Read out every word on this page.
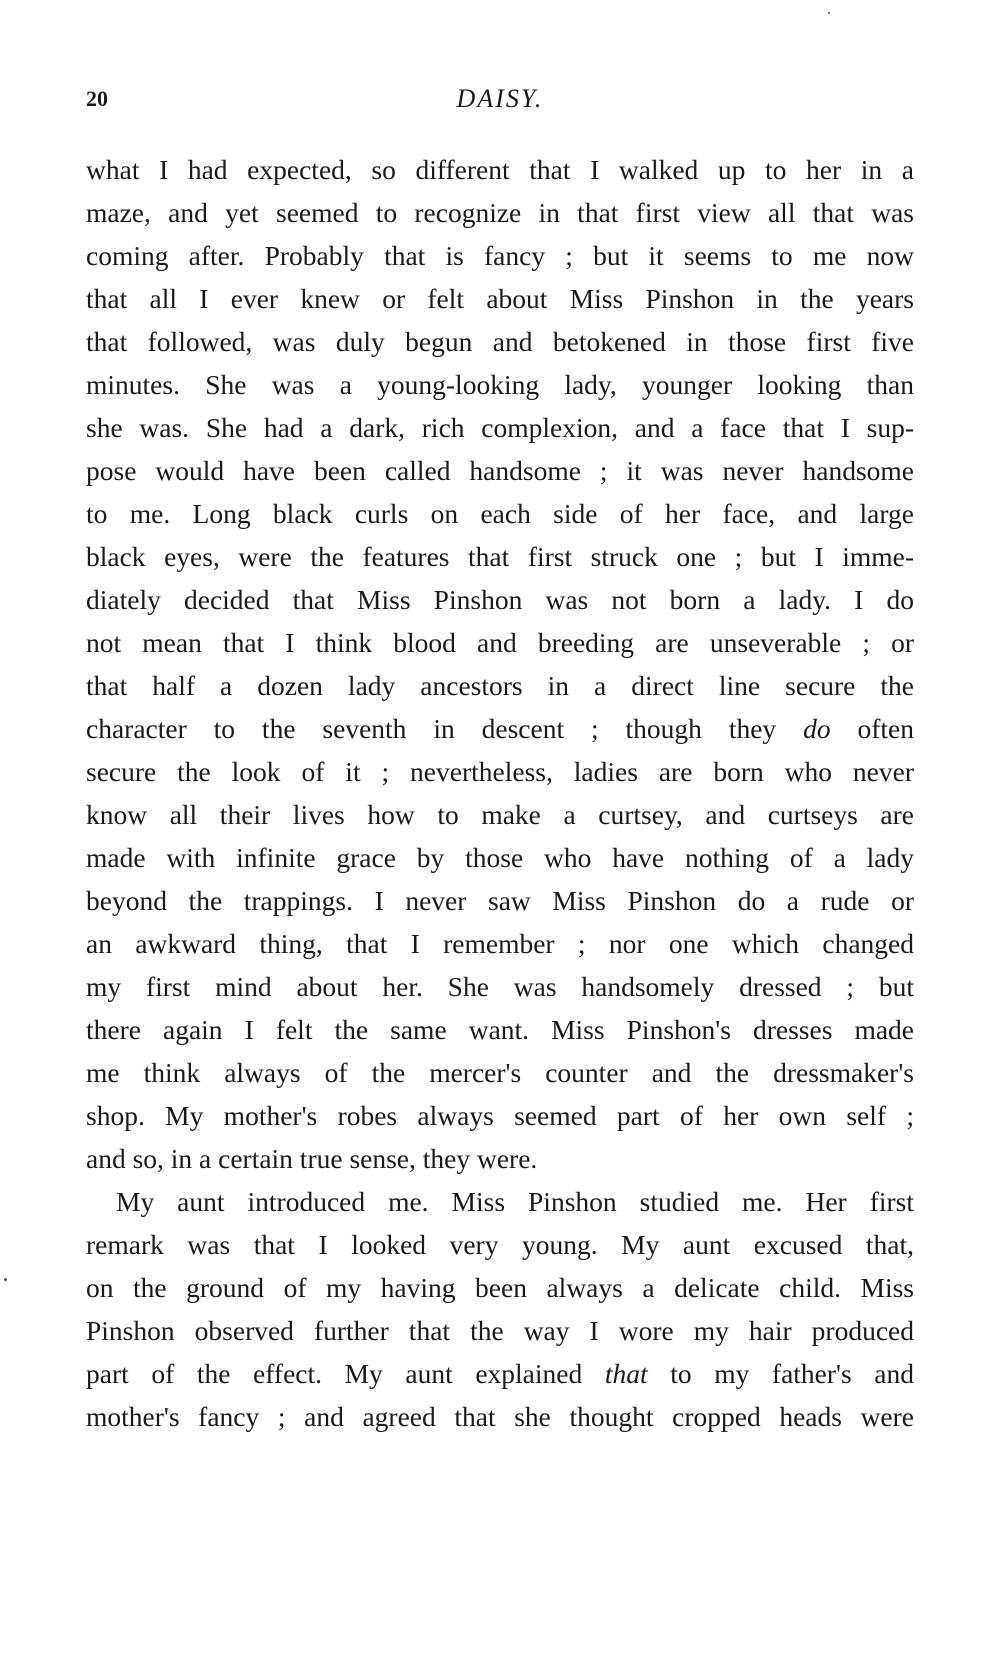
20	DAISY.
what I had expected, so different that I walked up to her in a
maze, and yet seemed to recognize in that first view all that was
coming after. Probably that is fancy ; but it seems to me now
that all I ever knew or felt about Miss Pinshon in the years
that followed, was duly begun and betokened in those first five
minutes. She was a young-looking lady, younger looking than
she was. She had a dark, rich complexion, and a face that I sup-
pose would have been called handsome ; it was never handsome
to me. Long black curls on each side of her face, and large
black eyes, were the features that first struck one ; but I imme-
diately decided that Miss Pinshon was not born a lady. I do
not mean that I think blood and breeding are unseverable ; or
that half a dozen lady ancestors in a direct line secure the
character to the seventh in descent ; though they do often
secure the look of it ; nevertheless, ladies are born who never
know all their lives how to make a curtsey, and curtseys are
made with infinite grace by those who have nothing of a lady
beyond the trappings. I never saw Miss Pinshon do a rude or
an awkward thing, that I remember ; nor one which changed
my first mind about her. She was handsomely dressed ; but
there again I felt the same want. Miss Pinshon's dresses made
me think always of the mercer's counter and the dressmaker's
shop. My mother's robes always seemed part of her own self ;
and so, in a certain true sense, they were.
My aunt introduced me. Miss Pinshon studied me. Her first
remark was that I looked very young. My aunt excused that,
on the ground of my having been always a delicate child. Miss
Pinshon observed further that the way I wore my hair produced
part of the effect. My aunt explained that to my father's and
mother's fancy ; and agreed that she thought cropped heads were
